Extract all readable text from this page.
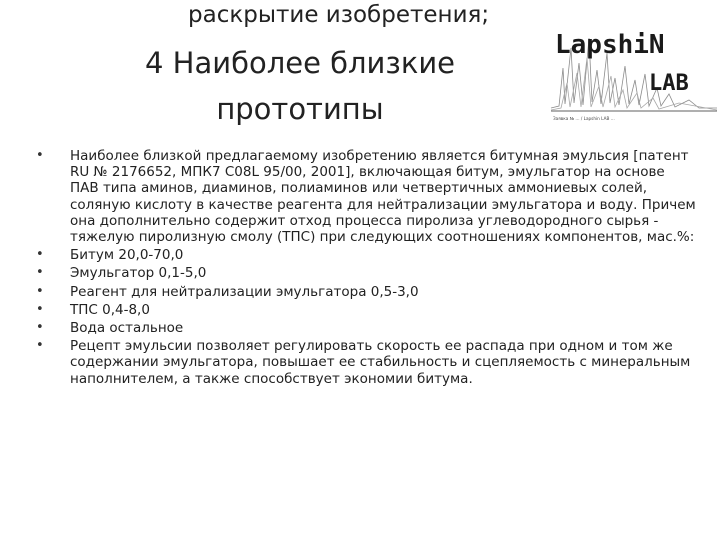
раскрытие изобретения;
4 Наиболее близкие
прототипы
LapshiN
LAB
Заявка № … / Lapshin LAB …
• Наиболее близкой предлагаемому изобретению является битумная эмульсия [патент RU № 2176652, МПК7 C08L 95/00, 2001], включающая битум, эмульгатор на основе ПАВ типа аминов, диаминов, полиаминов или четвертичных аммониевых солей, соляную кислоту в качестве реагента для нейтрализации эмульгатора и воду. Причем она дополнительно содержит отход процесса пиролиза углеводородного сырья - тяжелую пиролизную смолу (ТПС) при следующих соотношениях компонентов, мас.%:
• Битум 20,0-70,0
• Эмульгатор 0,1-5,0
• Реагент для нейтрализации эмульгатора 0,5-3,0
• ТПС 0,4-8,0
• Вода остальное
• Рецепт эмульсии позволяет регулировать скорость ее распада при одном и том же содержании эмульгатора, повышает ее стабильность и сцепляемость с минеральным наполнителем, а также способствует экономии битума.
